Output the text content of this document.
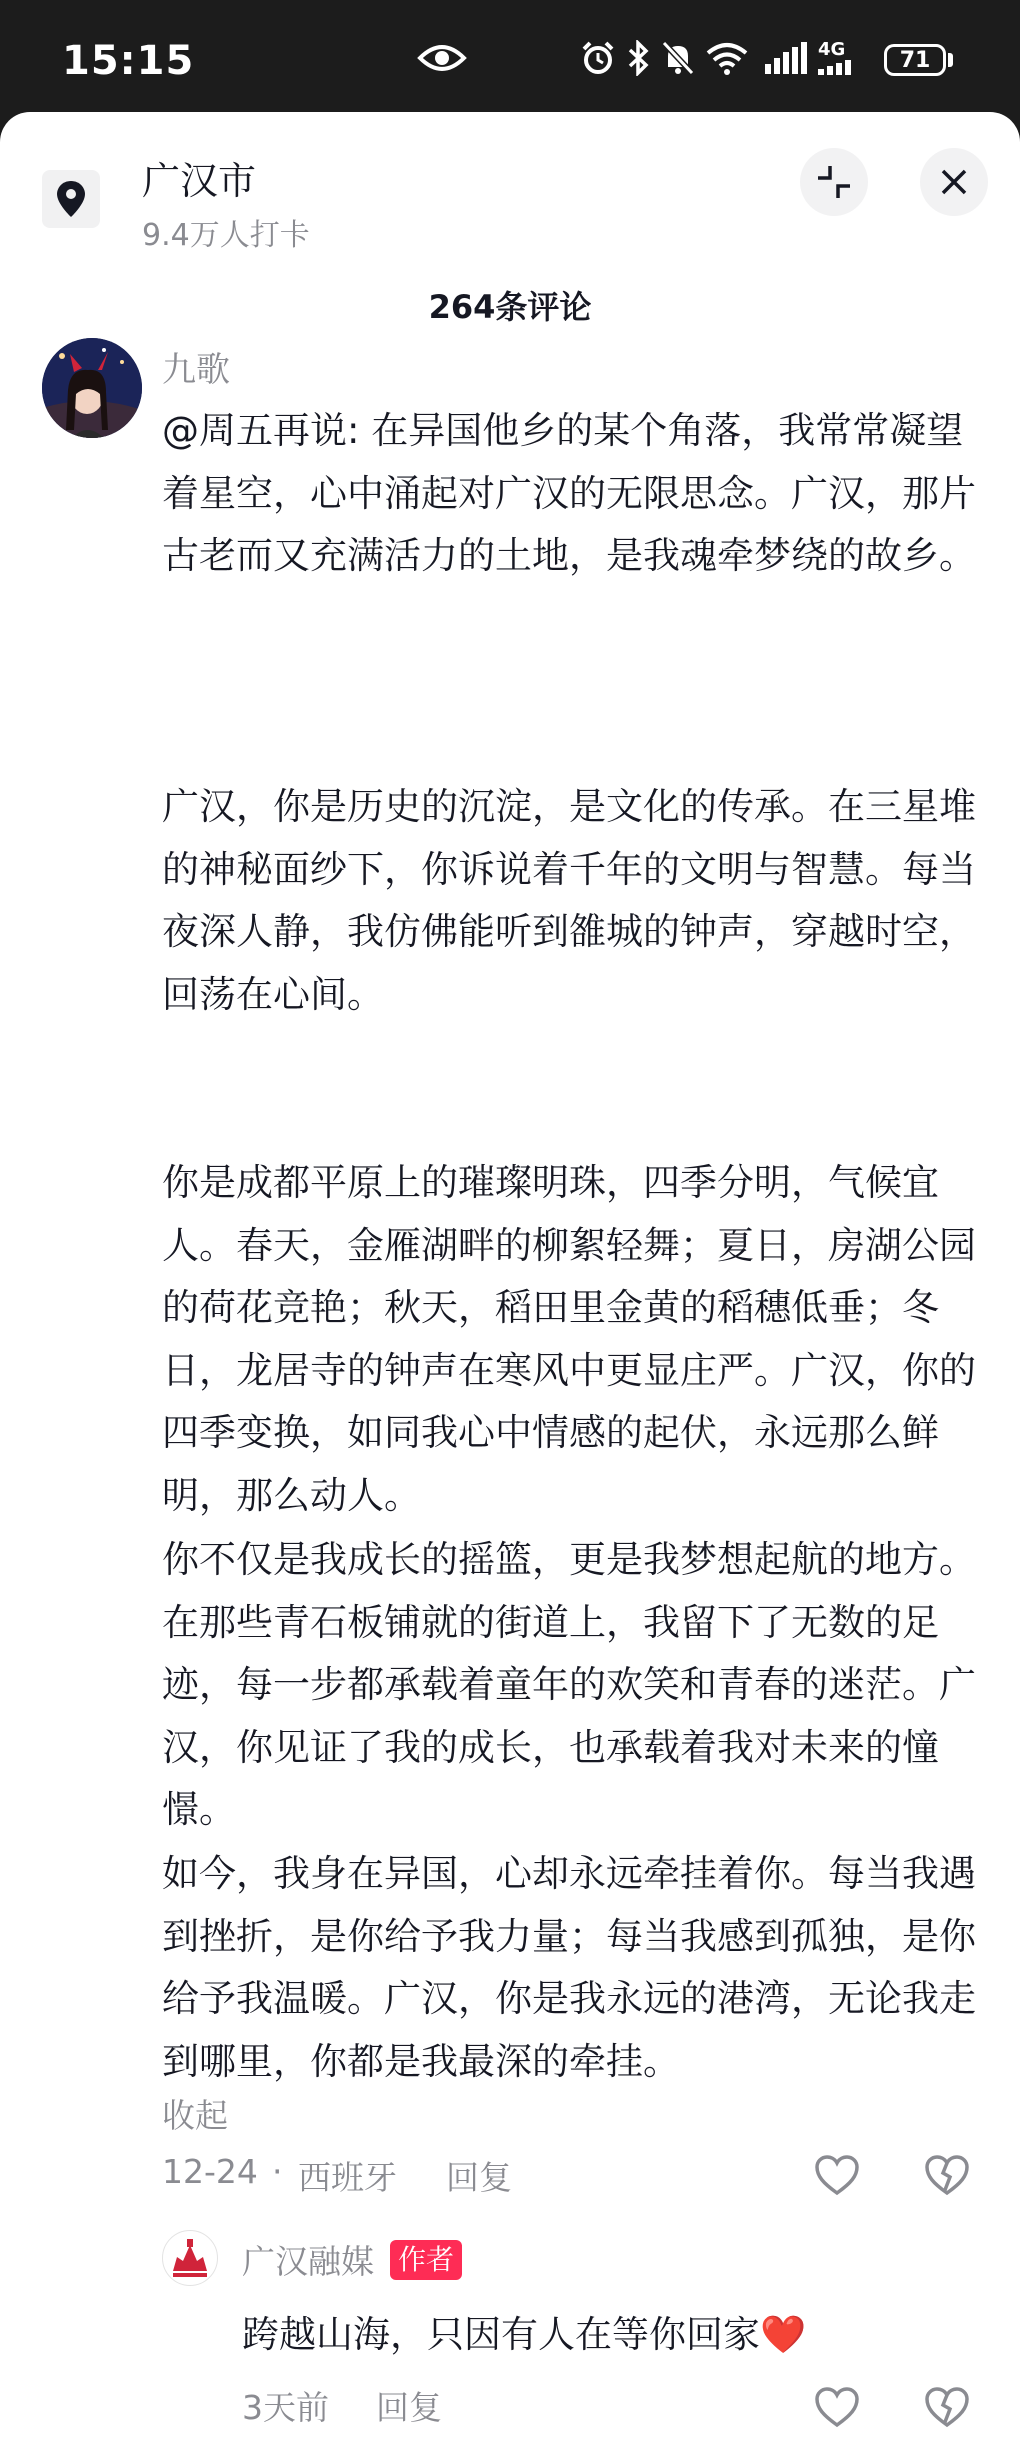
15:15	4G 71
广汉市
9.4万人打卡
264条评论
九歌

@周五再说: 在异国他乡的某个角落，我常常凝望着星空，心中涌起对广汉的无限思念。广汉，那片古老而又充满活力的土地，是我魂牵梦绕的故乡。

广汉，你是历史的沉淀，是文化的传承。在三星堆的神秘面纱下，你诉说着千年的文明与智慧。每当夜深人静，我仿佛能听到雒城的钟声，穿越时空，回荡在心间。

你是成都平原上的璀璨明珠，四季分明，气候宜人。春天，金雁湖畔的柳絮轻舞；夏日，房湖公园的荷花竞艳；秋天，稻田里金黄的稻穗低垂；冬日，龙居寺的钟声在寒风中更显庄严。广汉，你的四季变换，如同我心中情感的起伏，永远那么鲜明，那么动人。

你不仅是我成长的摇篮，更是我梦想起航的地方。在那些青石板铺就的街道上，我留下了无数的足迹，每一步都承载着童年的欢笑和青春的迷茫。广汉，你见证了我的成长，也承载着我对未来的憧憬。

如今，我身在异国，心却永远牵挂着你。每当我遇到挫折，是你给予我力量；每当我感到孤独，是你给予我温暖。广汉，你是我永远的港湾，无论我走到哪里，你都是我最深的牵挂。

收起
12-24 · 西班牙 回复
广汉融媒 作者
跨越山海，只因有人在等你回家❤️
3天前 回复
